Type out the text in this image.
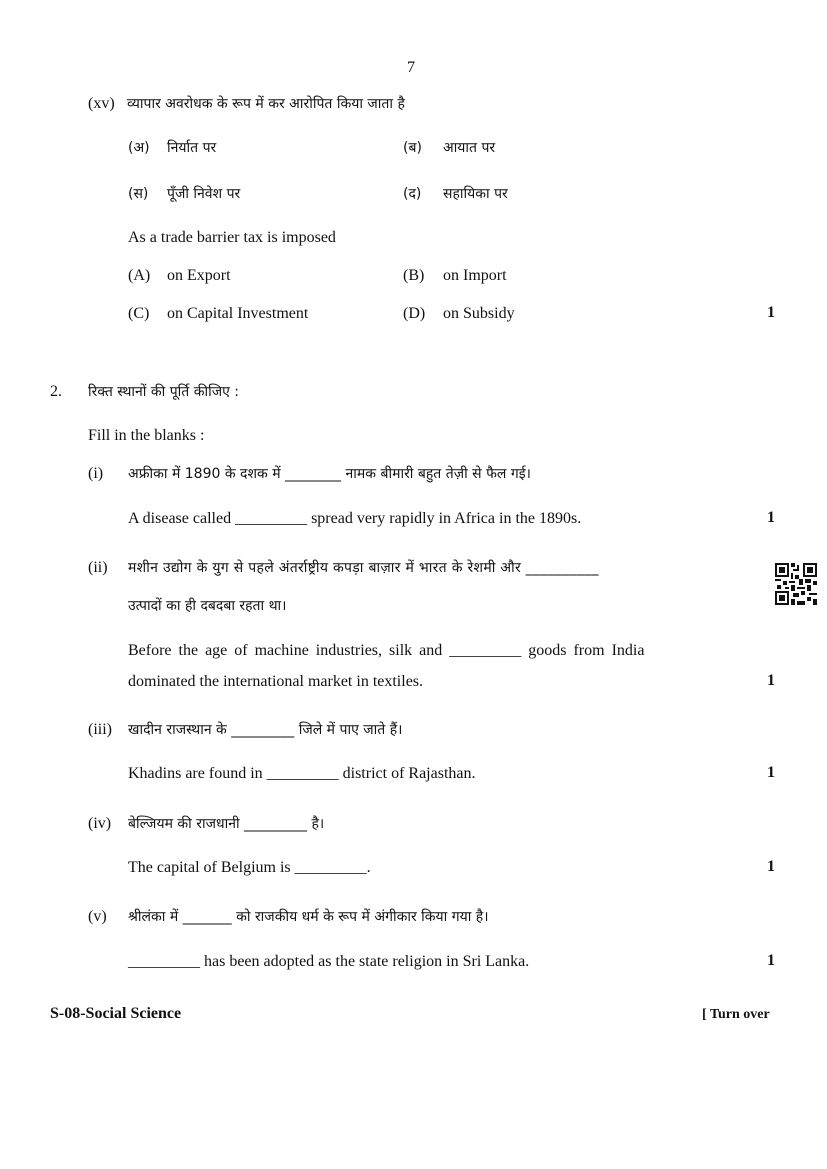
7
(xv) व्यापार अवरोधक के रूप में कर आरोपित किया जाता है
(अ) निर्यात पर	(ब) आयात पर
(स) पूँजी निवेश पर	(द) सहायिका पर
As a trade barrier tax is imposed
(A) on Export	(B) on Import
(C) on Capital Investment	(D) on Subsidy	1
2. रिक्त स्थानों की पूर्ति कीजिए :
Fill in the blanks :
(i) अफ्रीका में 1890 के दशक में ________ नामक बीमारी बहुत तेज़ी से फैल गई।
A disease called _________ spread very rapidly in Africa in the 1890s.	1
(ii) मशीन उद्योग के युग से पहले अंतर्राष्ट्रीय कपड़ा बाज़ार में भारत के रेशमी और __________
उत्पादों का ही दबदबा रहता था।
Before the age of machine industries, silk and _________ goods from India
dominated the international market in textiles.	1
(iii) खादीन राजस्थान के _________ जिले में पाए जाते हैं।
Khadins are found in _________ district of Rajasthan.	1
(iv) बेल्जियम की राजधानी _________ है।
The capital of Belgium is _________.	1
(v) श्रीलंका में _______ को राजकीय धर्म के रूप में अंगीकार किया गया है।
_________ has been adopted as the state religion in Sri Lanka.	1
S-08-Social Science	[ Turn over
